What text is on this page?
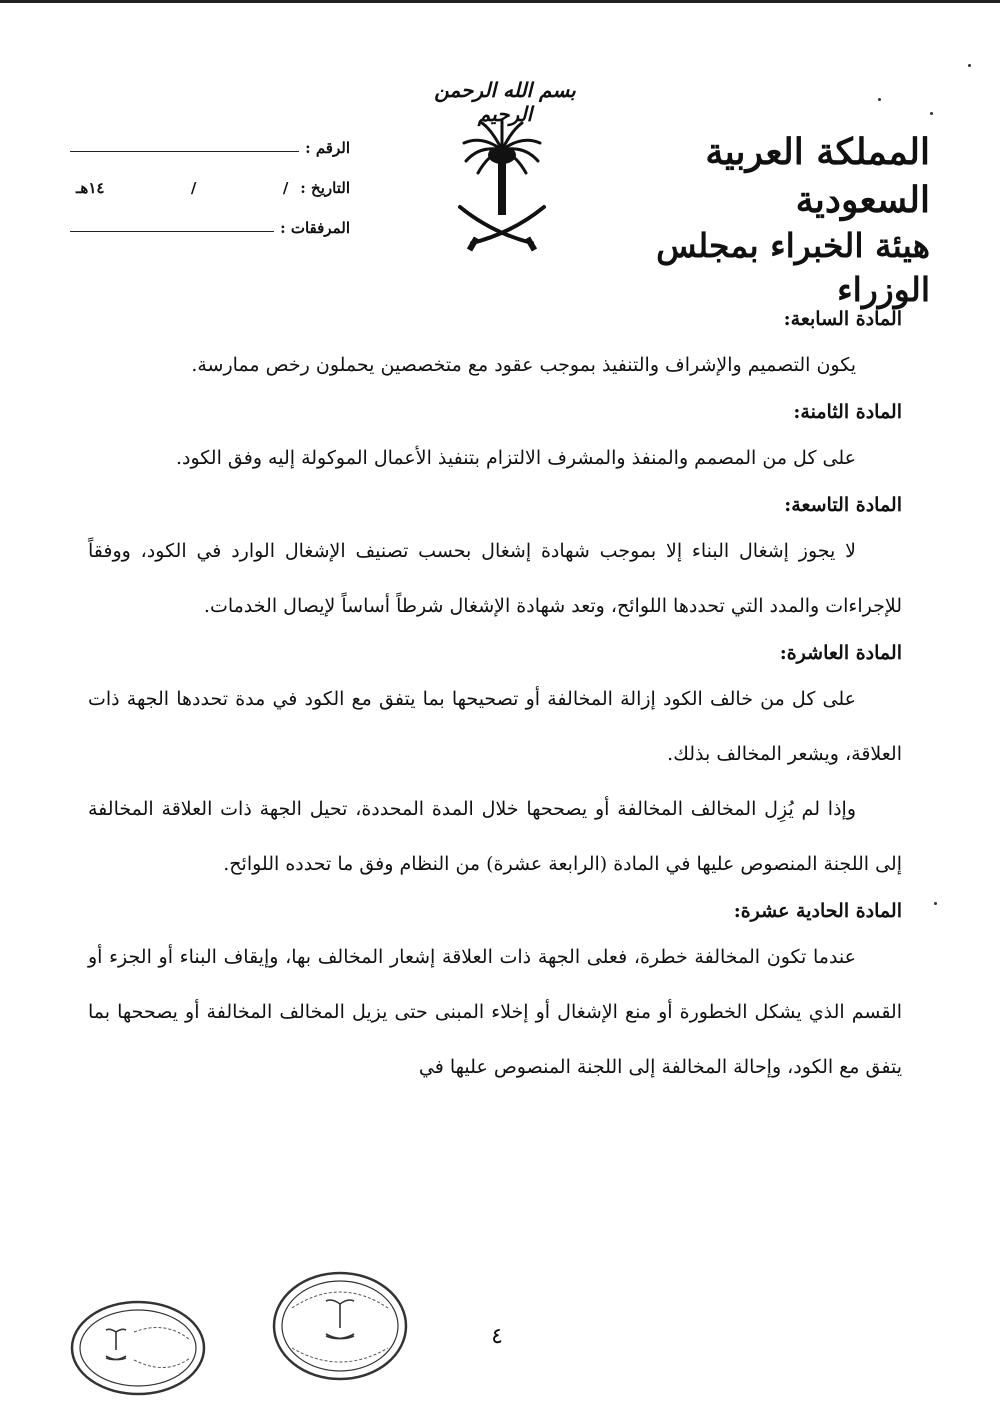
بسم الله الرحمن الرحيم
المملكة العربية السعودية
هيئة الخبراء بمجلس الوزراء
الرقم :
التاريخ :
/
/
١٤هـ
المرفقات :
المادة السابعة:

يكون التصميم والإشراف والتنفيذ بموجب عقود مع متخصصين يحملون رخص ممارسة.

المادة الثامنة:

على كل من المصمم والمنفذ والمشرف الالتزام بتنفيذ الأعمال الموكولة إليه وفق الكود.

المادة التاسعة:

لا يجوز إشغال البناء إلا بموجب شهادة إشغال بحسب تصنيف الإشغال الوارد في الكود، ووفقاً للإجراءات والمدد التي تحددها اللوائح، وتعد شهادة الإشغال شرطاً أساساً لإيصال الخدمات.

المادة العاشرة:

على كل من خالف الكود إزالة المخالفة أو تصحيحها بما يتفق مع الكود في مدة تحددها الجهة ذات العلاقة، ويشعر المخالف بذلك.

وإذا لم يُزِل المخالف المخالفة أو يصححها خلال المدة المحددة، تحيل الجهة ذات العلاقة المخالفة إلى اللجنة المنصوص عليها في المادة (الرابعة عشرة) من النظام وفق ما تحدده اللوائح.

المادة الحادية عشرة:

عندما تكون المخالفة خطرة، فعلى الجهة ذات العلاقة إشعار المخالف بها، وإيقاف البناء أو الجزء أو القسم الذي يشكل الخطورة أو منع الإشغال أو إخلاء المبنى حتى يزيل المخالف المخالفة أو يصححها بما يتفق مع الكود، وإحالة المخالفة إلى اللجنة المنصوص عليها في

٤
